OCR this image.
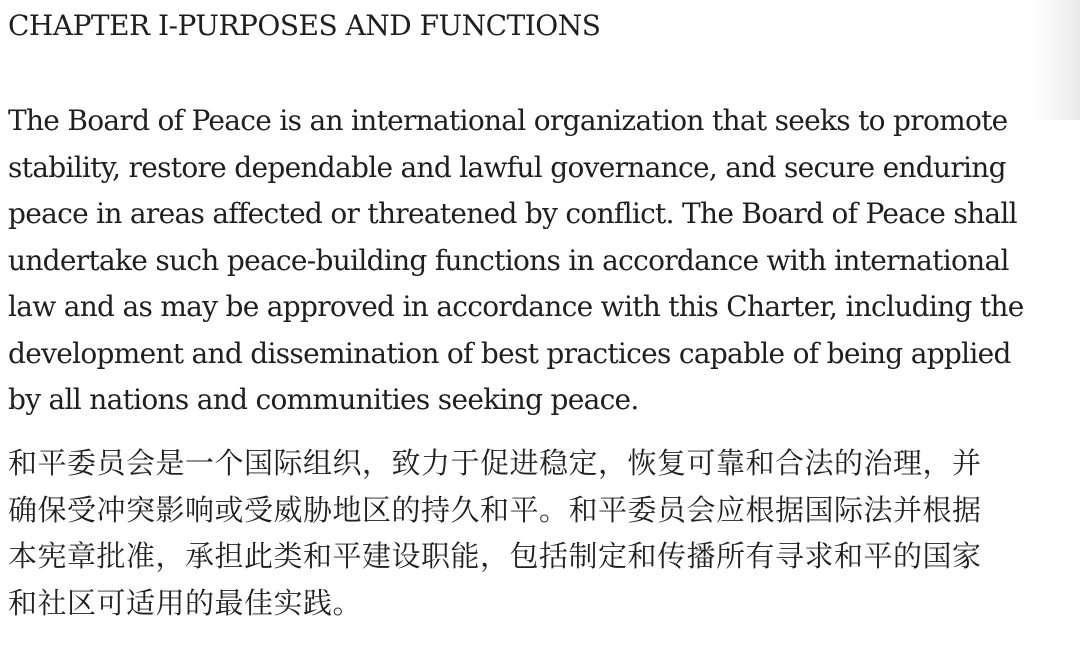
CHAPTER I-PURPOSES AND FUNCTIONS

The Board of Peace is an international organization that seeks to promote
stability, restore dependable and lawful governance, and secure enduring
peace in areas affected or threatened by conflict. The Board of Peace shall
undertake such peace-building functions in accordance with international
law and as may be approved in accordance with this Charter, including the
development and dissemination of best practices capable of being applied
by all nations and communities seeking peace.

和平委员会是一个国际组织，致力于促进稳定，恢复可靠和合法的治理，并
确保受冲突影响或受威胁地区的持久和平。和平委员会应根据国际法并根据
本宪章批准，承担此类和平建设职能，包括制定和传播所有寻求和平的国家
和社区可适用的最佳实践。
